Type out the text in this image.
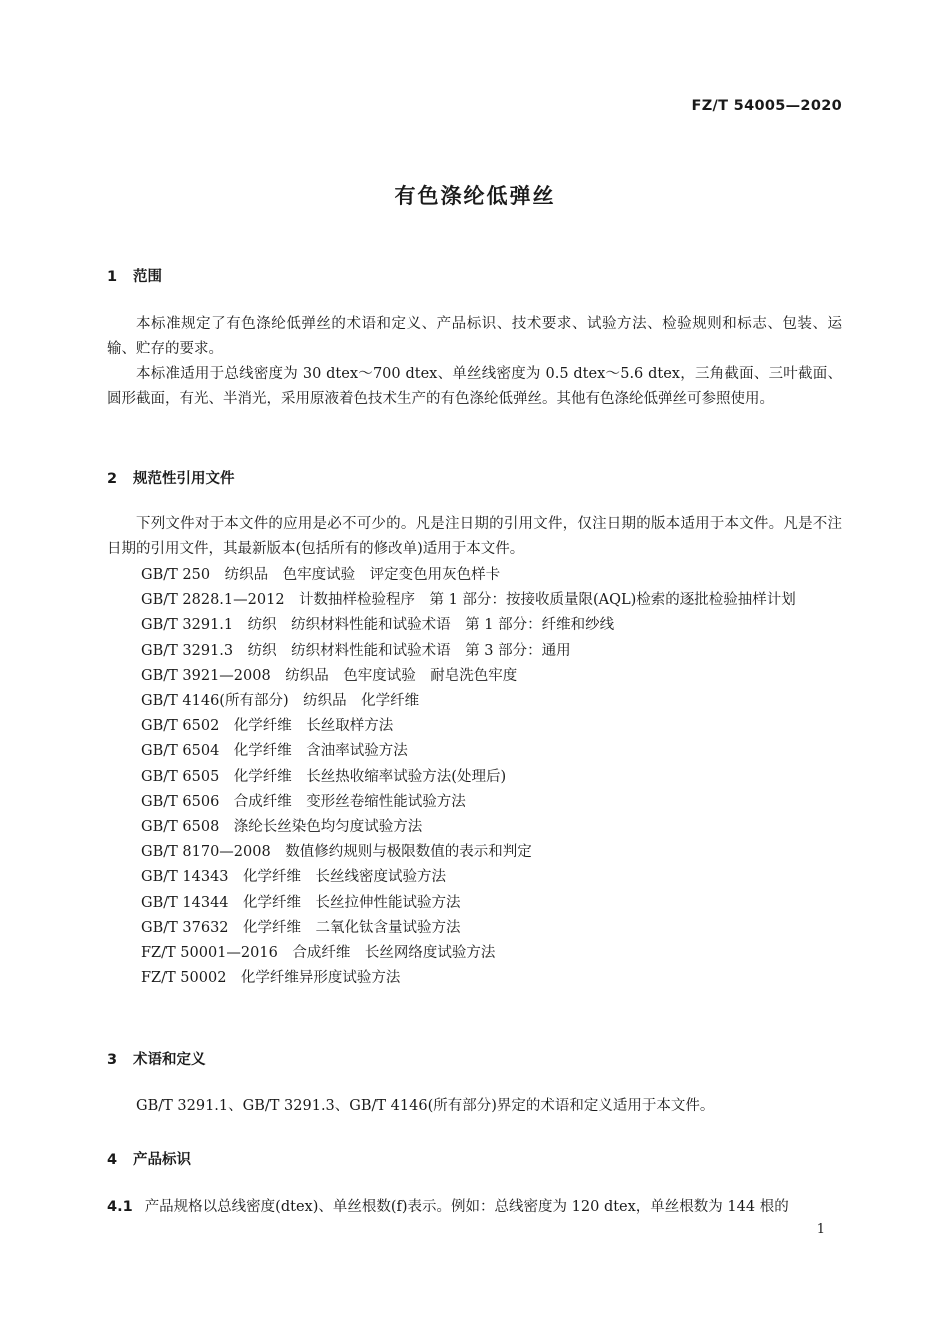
FZ/T 54005—2020
有色涤纶低弹丝
1 范围

本标准规定了有色涤纶低弹丝的术语和定义、产品标识、技术要求、试验方法、检验规则和标志、包装、运输、贮存的要求。

本标准适用于总线密度为 30 dtex～700 dtex、单丝线密度为 0.5 dtex～5.6 dtex，三角截面、三叶截面、圆形截面，有光、半消光，采用原液着色技术生产的有色涤纶低弹丝。其他有色涤纶低弹丝可参照使用。

2 规范性引用文件

下列文件对于本文件的应用是必不可少的。凡是注日期的引用文件，仅注日期的版本适用于本文件。凡是不注日期的引用文件，其最新版本(包括所有的修改单)适用于本文件。

GB/T 250　纺织品　色牢度试验　评定变色用灰色样卡
GB/T 2828.1—2012　计数抽样检验程序　第 1 部分：按接收质量限(AQL)检索的逐批检验抽样计划
GB/T 3291.1　纺织　纺织材料性能和试验术语　第 1 部分：纤维和纱线
GB/T 3291.3　纺织　纺织材料性能和试验术语　第 3 部分：通用
GB/T 3921—2008　纺织品　色牢度试验　耐皂洗色牢度
GB/T 4146(所有部分)　纺织品　化学纤维
GB/T 6502　化学纤维　长丝取样方法
GB/T 6504　化学纤维　含油率试验方法
GB/T 6505　化学纤维　长丝热收缩率试验方法(处理后)
GB/T 6506　合成纤维　变形丝卷缩性能试验方法
GB/T 6508　涤纶长丝染色均匀度试验方法
GB/T 8170—2008　数值修约规则与极限数值的表示和判定
GB/T 14343　化学纤维　长丝线密度试验方法
GB/T 14344　化学纤维　长丝拉伸性能试验方法
GB/T 37632　化学纤维　二氧化钛含量试验方法
FZ/T 50001—2016　合成纤维　长丝网络度试验方法
FZ/T 50002　化学纤维异形度试验方法
3 术语和定义

GB/T 3291.1、GB/T 3291.3、GB/T 4146(所有部分)界定的术语和定义适用于本文件。

4 产品标识

4.1 产品规格以总线密度(dtex)、单丝根数(f)表示。例如：总线密度为 120 dtex，单丝根数为 144 根的

1
